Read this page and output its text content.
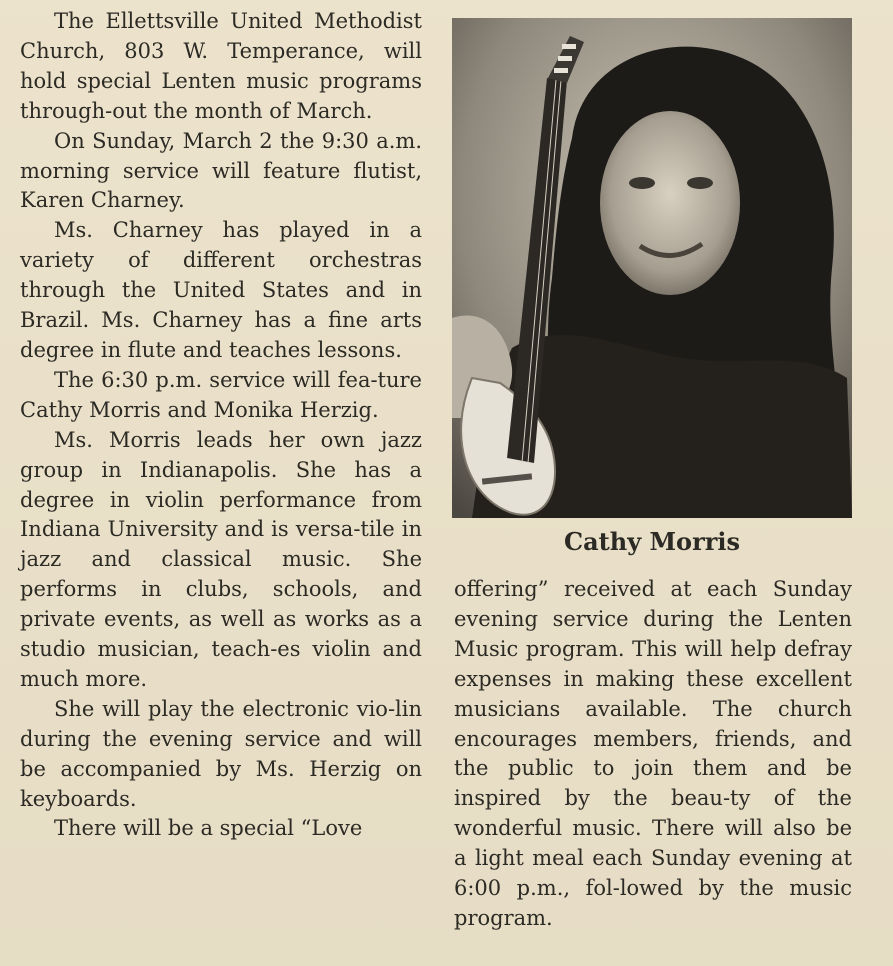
The Ellettsville United Methodist Church, 803 W. Temperance, will hold special Lenten music programs through-out the month of March.

On Sunday, March 2 the 9:30 a.m. morning service will feature flutist, Karen Charney.

Ms. Charney has played in a variety of different orchestras through the United States and in Brazil. Ms. Charney has a fine arts degree in flute and teaches lessons.

The 6:30 p.m. service will fea-ture Cathy Morris and Monika Herzig.

Ms. Morris leads her own jazz group in Indianapolis. She has a degree in violin performance from Indiana University and is versa-tile in jazz and classical music. She performs in clubs, schools, and private events, as well as works as a studio musician, teach-es violin and much more.

She will play the electronic vio-lin during the evening service and will be accompanied by Ms. Herzig on keyboards.

There will be a special “Love

Cathy Morris

offering” received at each Sunday evening service during the Lenten Music program. This will help defray expenses in making these excellent musicians available. The church encourages members, friends, and the public to join them and be inspired by the beau-ty of the wonderful music. There will also be a light meal each Sunday evening at 6:00 p.m., fol-lowed by the music program.
